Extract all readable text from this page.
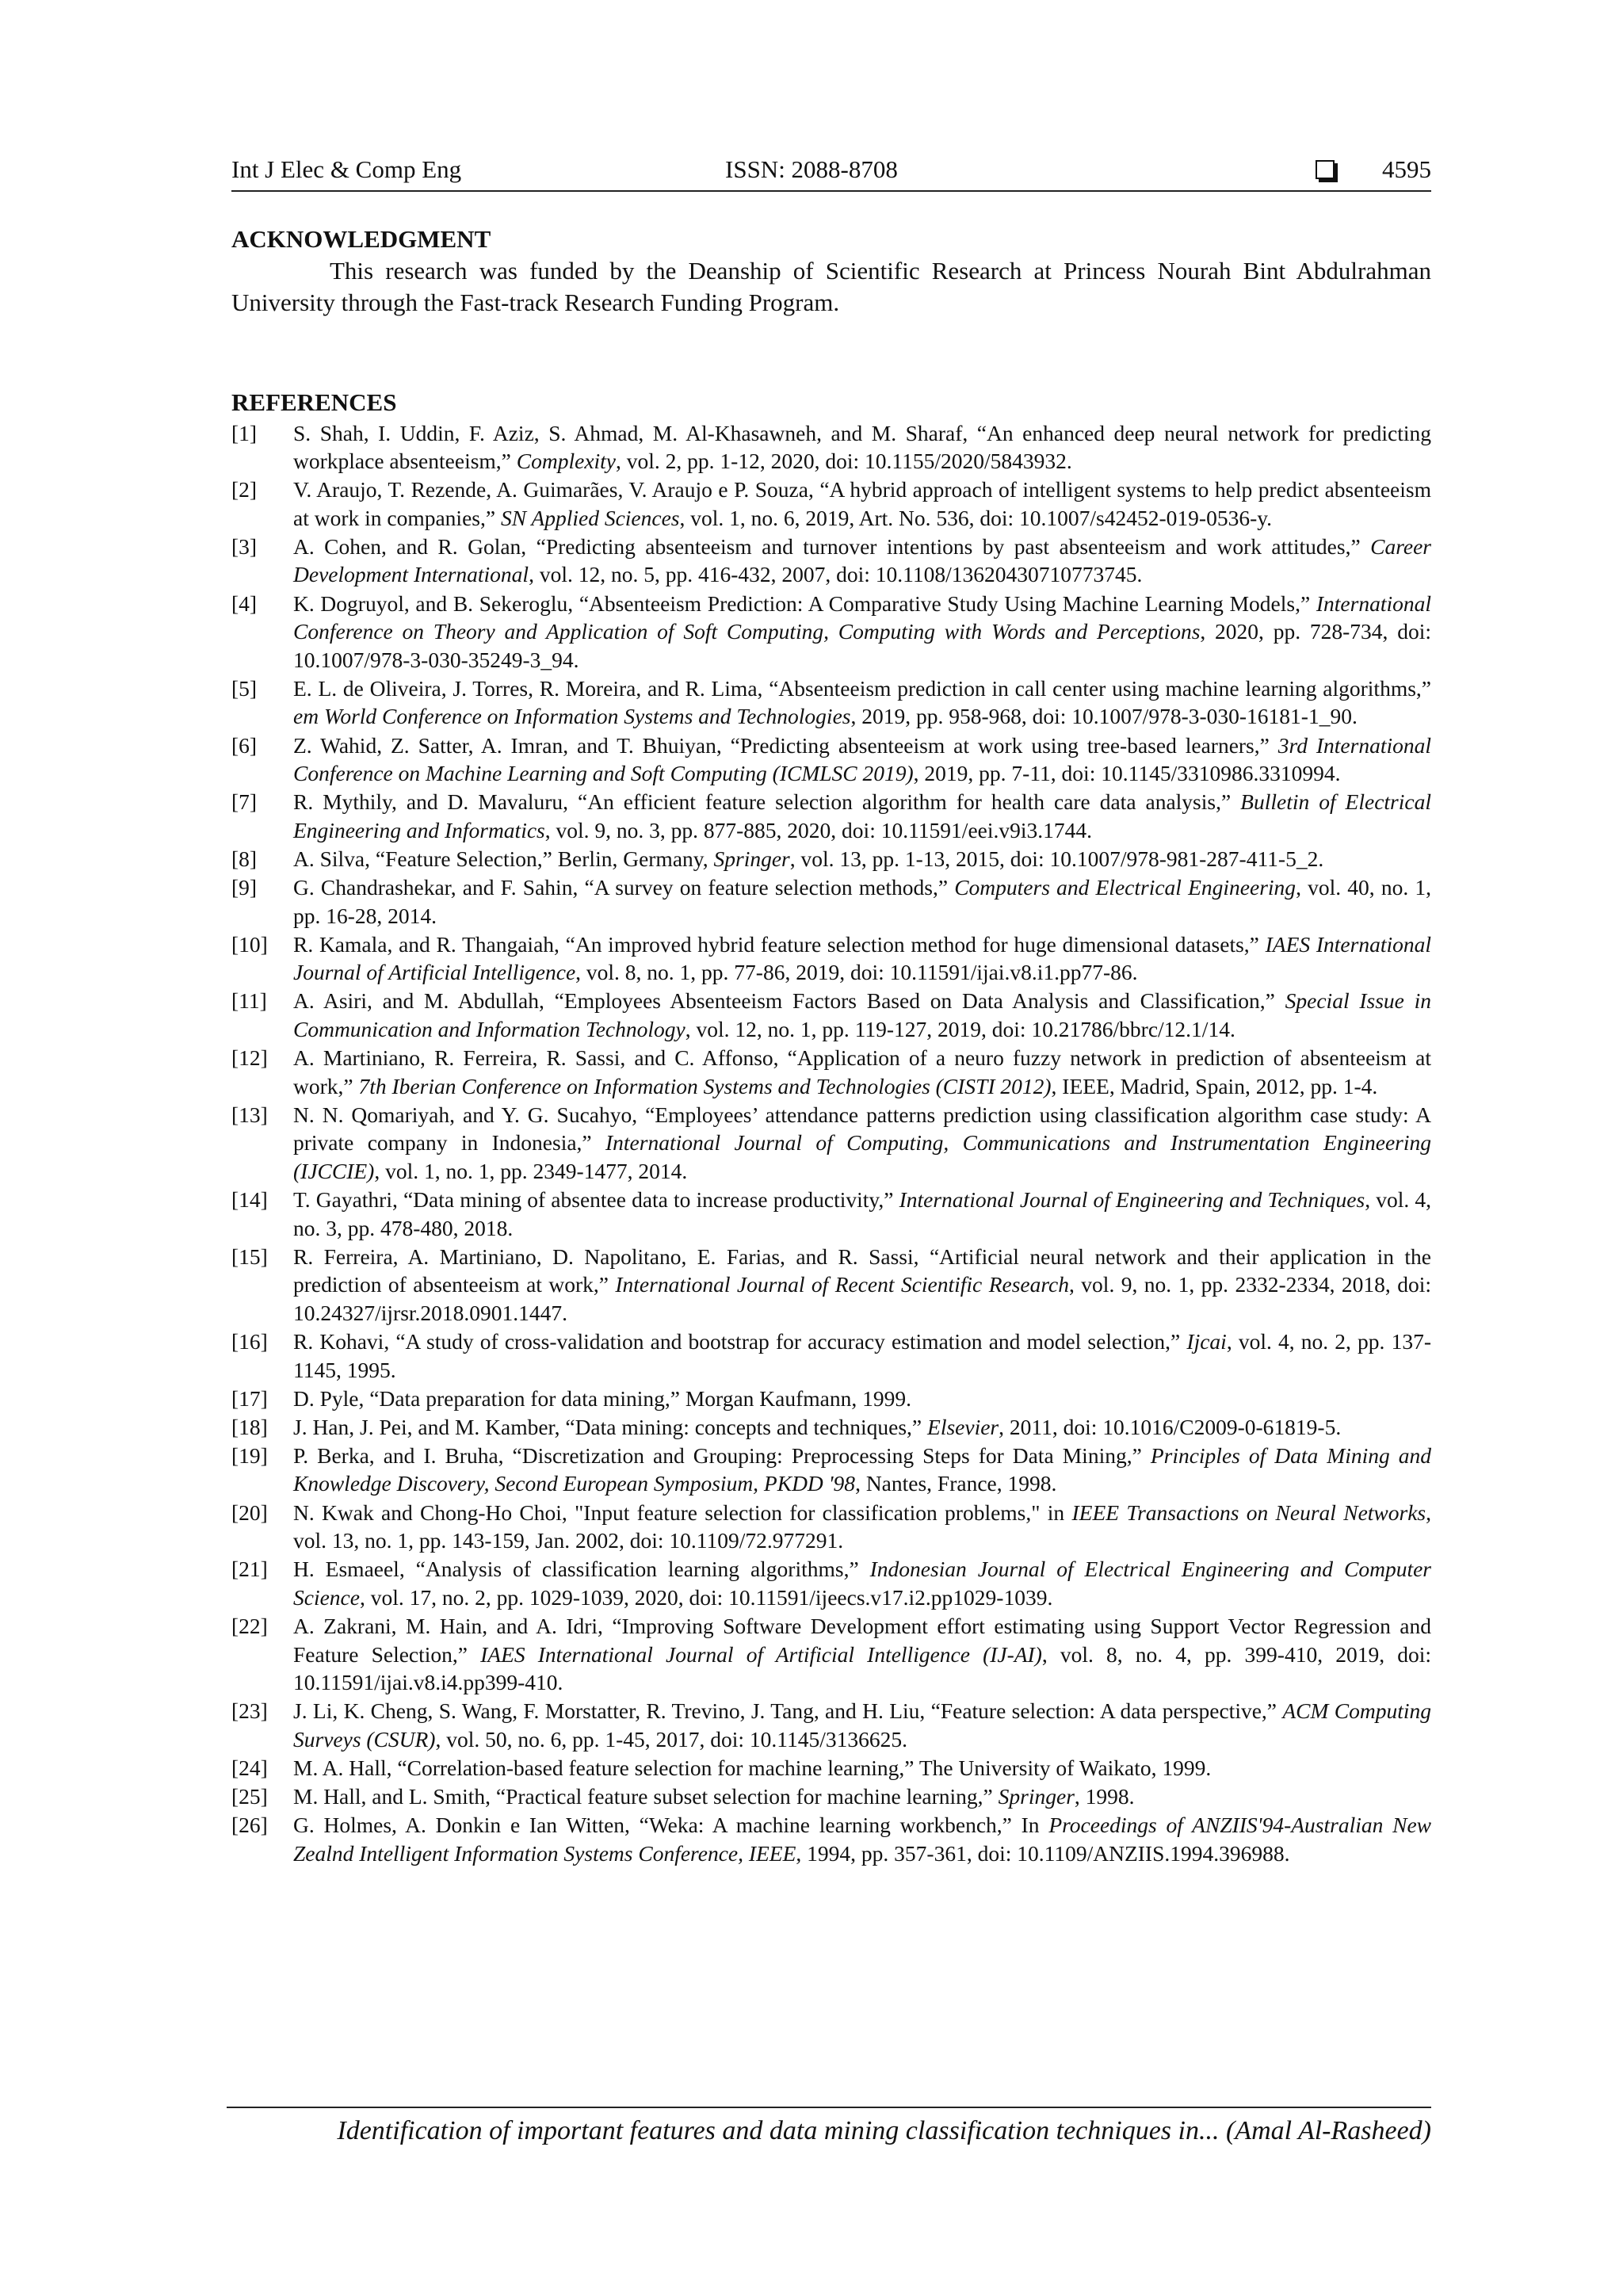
Int J Elec & Comp Eng	ISSN: 2088-8708	4595
ACKNOWLEDGMENT

This research was funded by the Deanship of Scientific Research at Princess Nourah Bint Abdulrahman University through the Fast-track Research Funding Program.

REFERENCES
[1] S. Shah, I. Uddin, F. Aziz, S. Ahmad, M. Al-Khasawneh, and M. Sharaf, “An enhanced deep neural network for predicting workplace absenteeism,” Complexity, vol. 2, pp. 1-12, 2020, doi: 10.1155/2020/5843932.
[2] V. Araujo, T. Rezende, A. Guimarães, V. Araujo e P. Souza, “A hybrid approach of intelligent systems to help predict absenteeism at work in companies,” SN Applied Sciences, vol. 1, no. 6, 2019, Art. No. 536, doi: 10.1007/s42452-019-0536-y.
[3] A. Cohen, and R. Golan, “Predicting absenteeism and turnover intentions by past absenteeism and work attitudes,” Career Development International, vol. 12, no. 5, pp. 416-432, 2007, doi: 10.1108/13620430710773745.
[4] K. Dogruyol, and B. Sekeroglu, “Absenteeism Prediction: A Comparative Study Using Machine Learning Models,” International Conference on Theory and Application of Soft Computing, Computing with Words and Perceptions, 2020, pp. 728-734, doi: 10.1007/978-3-030-35249-3_94.
[5] E. L. de Oliveira, J. Torres, R. Moreira, and R. Lima, “Absenteeism prediction in call center using machine learning algorithms,” em World Conference on Information Systems and Technologies, 2019, pp. 958-968, doi: 10.1007/978-3-030-16181-1_90.
[6] Z. Wahid, Z. Satter, A. Imran, and T. Bhuiyan, “Predicting absenteeism at work using tree-based learners,” 3rd International Conference on Machine Learning and Soft Computing (ICMLSC 2019), 2019, pp. 7-11, doi: 10.1145/3310986.3310994.
[7] R. Mythily, and D. Mavaluru, “An efficient feature selection algorithm for health care data analysis,” Bulletin of Electrical Engineering and Informatics, vol. 9, no. 3, pp. 877-885, 2020, doi: 10.11591/eei.v9i3.1744.
[8] A. Silva, “Feature Selection,” Berlin, Germany, Springer, vol. 13, pp. 1-13, 2015, doi: 10.1007/978-981-287-411-5_2.
[9] G. Chandrashekar, and F. Sahin, “A survey on feature selection methods,” Computers and Electrical Engineering, vol. 40, no. 1, pp. 16-28, 2014.
[10] R. Kamala, and R. Thangaiah, “An improved hybrid feature selection method for huge dimensional datasets,” IAES International Journal of Artificial Intelligence, vol. 8, no. 1, pp. 77-86, 2019, doi: 10.11591/ijai.v8.i1.pp77-86.
[11] A. Asiri, and M. Abdullah, “Employees Absenteeism Factors Based on Data Analysis and Classification,” Special Issue in Communication and Information Technology, vol. 12, no. 1, pp. 119-127, 2019, doi: 10.21786/bbrc/12.1/14.
[12] A. Martiniano, R. Ferreira, R. Sassi, and C. Affonso, “Application of a neuro fuzzy network in prediction of absenteeism at work,” 7th Iberian Conference on Information Systems and Technologies (CISTI 2012), IEEE, Madrid, Spain, 2012, pp. 1-4.
[13] N. N. Qomariyah, and Y. G. Sucahyo, “Employees’ attendance patterns prediction using classification algorithm case study: A private company in Indonesia,” International Journal of Computing, Communications and Instrumentation Engineering (IJCCIE), vol. 1, no. 1, pp. 2349-1477, 2014.
[14] T. Gayathri, “Data mining of absentee data to increase productivity,” International Journal of Engineering and Techniques, vol. 4, no. 3, pp. 478-480, 2018.
[15] R. Ferreira, A. Martiniano, D. Napolitano, E. Farias, and R. Sassi, “Artificial neural network and their application in the prediction of absenteeism at work,” International Journal of Recent Scientific Research, vol. 9, no. 1, pp. 2332-2334, 2018, doi: 10.24327/ijrsr.2018.0901.1447.
[16] R. Kohavi, “A study of cross-validation and bootstrap for accuracy estimation and model selection,” Ijcai, vol. 4, no. 2, pp. 137-1145, 1995.
[17] D. Pyle, “Data preparation for data mining,” Morgan Kaufmann, 1999.
[18] J. Han, J. Pei, and M. Kamber, “Data mining: concepts and techniques,” Elsevier, 2011, doi: 10.1016/C2009-0-61819-5.
[19] P. Berka, and I. Bruha, “Discretization and Grouping: Preprocessing Steps for Data Mining,” Principles of Data Mining and Knowledge Discovery, Second European Symposium, PKDD '98, Nantes, France, 1998.
[20] N. Kwak and Chong-Ho Choi, "Input feature selection for classification problems," in IEEE Transactions on Neural Networks, vol. 13, no. 1, pp. 143-159, Jan. 2002, doi: 10.1109/72.977291.
[21] H. Esmaeel, “Analysis of classification learning algorithms,” Indonesian Journal of Electrical Engineering and Computer Science, vol. 17, no. 2, pp. 1029-1039, 2020, doi: 10.11591/ijeecs.v17.i2.pp1029-1039.
[22] A. Zakrani, M. Hain, and A. Idri, “Improving Software Development effort estimating using Support Vector Regression and Feature Selection,” IAES International Journal of Artificial Intelligence (IJ-AI), vol. 8, no. 4, pp. 399-410, 2019, doi: 10.11591/ijai.v8.i4.pp399-410.
[23] J. Li, K. Cheng, S. Wang, F. Morstatter, R. Trevino, J. Tang, and H. Liu, “Feature selection: A data perspective,” ACM Computing Surveys (CSUR), vol. 50, no. 6, pp. 1-45, 2017, doi: 10.1145/3136625.
[24] M. A. Hall, “Correlation-based feature selection for machine learning,” The University of Waikato, 1999.
[25] M. Hall, and L. Smith, “Practical feature subset selection for machine learning,” Springer, 1998.
[26] G. Holmes, A. Donkin e Ian Witten, “Weka: A machine learning workbench,” In Proceedings of ANZIIS'94-Australian New Zealnd Intelligent Information Systems Conference, IEEE, 1994, pp. 357-361, doi: 10.1109/ANZIIS.1994.396988.
Identification of important features and data mining classification techniques in... (Amal Al-Rasheed)
